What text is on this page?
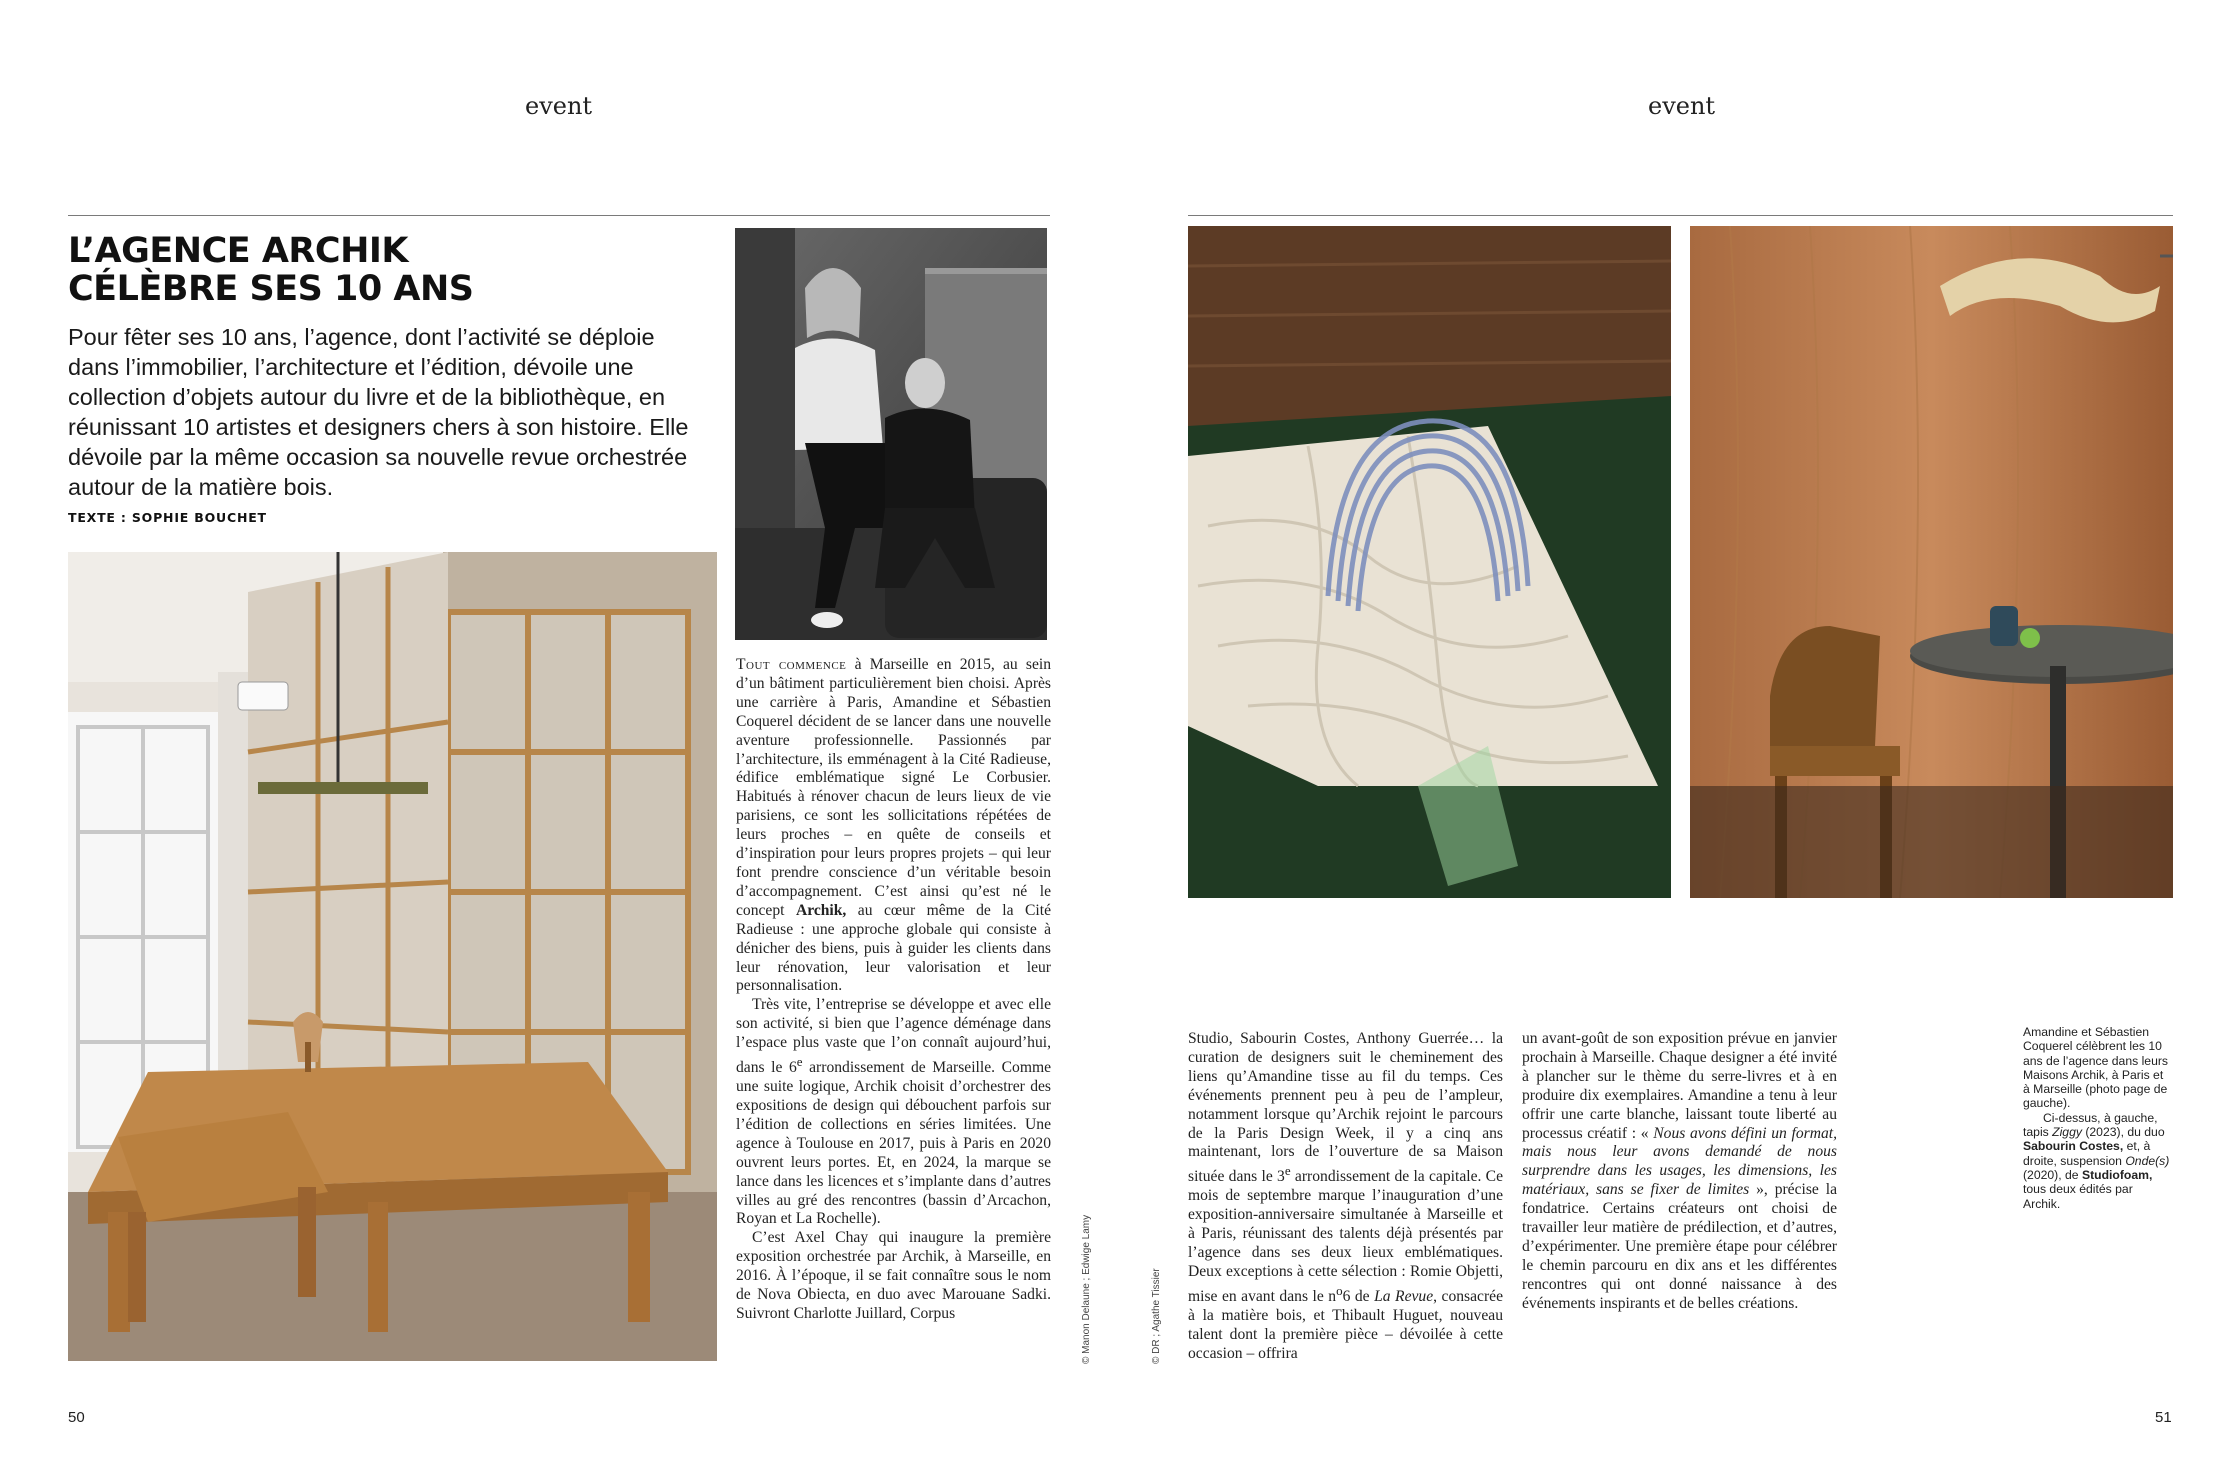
event
L’AGENCE ARCHIK
CÉLÈBRE SES 10 ANS
Pour fêter ses 10 ans, l’agence, dont l’activité se déploie dans l’immobilier, l’architecture et l’édition, dévoile une collection d’objets autour du livre et de la bibliothèque, en réunissant 10 artistes et designers chers à son histoire. Elle dévoile par la même occasion sa nouvelle revue orchestrée autour de la matière bois.
TEXTE : SOPHIE BOUCHET

Tout commence à Marseille en 2015, au sein d’un bâtiment particulièrement bien choisi. Après une carrière à Paris, Amandine et Sébastien Coquerel décident de se lancer dans une nouvelle aventure professionnelle. Passionnés par l’architecture, ils emménagent à la Cité Radieuse, édifice emblématique signé Le Corbusier. Habitués à rénover chacun de leurs lieux de vie parisiens, ce sont les sollicitations répétées de leurs proches – en quête de conseils et d’inspiration pour leurs propres projets – qui leur font prendre conscience d’un véritable besoin d’accompagnement. C’est ainsi qu’est né le concept Archik, au cœur même de la Cité Radieuse : une approche globale qui consiste à dénicher des biens, puis à guider les clients dans leur rénovation, leur valorisation et leur personnalisation.

Très vite, l’entreprise se développe et avec elle son activité, si bien que l’agence déménage dans l’espace plus vaste que l’on connaît aujourd’hui, dans le 6e arrondissement de Marseille. Comme une suite logique, Archik choisit d’orchestrer des expositions de design qui débouchent parfois sur l’édition de collections en séries limitées. Une agence à Toulouse en 2017, puis à Paris en 2020 ouvrent leurs portes. Et, en 2024, la marque se lance dans les licences et s’implante dans d’autres villes au gré des rencontres (bassin d’Arcachon, Royan et La Rochelle).

C’est Axel Chay qui inaugure la première exposition orchestrée par Archik, à Marseille, en 2016. À l’époque, il se fait connaître sous le nom de Nova Obiecta, en duo avec Marouane Sadki. Suivront Charlotte Juillard, Corpus	© Manon Delaune ; Edwige Lamy
50
event

Studio, Sabourin Costes, Anthony Guerrée… la curation de designers suit le cheminement des liens qu’Amandine tisse au fil du temps. Ces événements prennent peu à peu de l’ampleur, notamment lorsque qu’Archik rejoint le parcours de la Paris Design Week, il y a cinq ans maintenant, lors de l’ouverture de sa Maison située dans le 3e arrondissement de la capitale. Ce mois de septembre marque l’inauguration d’une exposition-anniversaire simultanée à Marseille et à Paris, réunissant des talents déjà présentés par l’agence dans ses deux lieux emblématiques. Deux exceptions à cette sélection : Romie Objetti, mise en avant dans le $n^o6$ de La Revue, consacrée à la matière bois, et Thibault Huguet, nouveau talent dont la première pièce – dévoilée à cette occasion – offrira

un avant-goût de son exposition prévue en janvier prochain à Marseille. Chaque designer a été invité à plancher sur le thème du serre-livres et à en produire dix exemplaires. Amandine a tenu à leur offrir une carte blanche, laissant toute liberté au processus créatif : « Nous avons défini un format, mais nous leur avons demandé de nous surprendre dans les usages, les dimensions, les matériaux, sans se fixer de limites », précise la fondatrice. Certains créateurs ont choisi de travailler leur matière de prédilection, et d’autres, d’expérimenter. Une première étape pour célébrer le chemin parcouru en dix ans et les différentes rencontres qui ont donné naissance à des événements inspirants et de belles créations.

Amandine et Sébastien Coquerel célèbrent les 10 ans de l’agence dans leurs Maisons Archik, à Paris et à Marseille (photo page de gauche).

Ci-dessus, à gauche, tapis Ziggy (2023), du duo Sabourin Costes, et, à droite, suspension Onde(s) (2020), de Studiofoam, tous deux édités par Archik.

© DR ; Agathe Tissier
51
